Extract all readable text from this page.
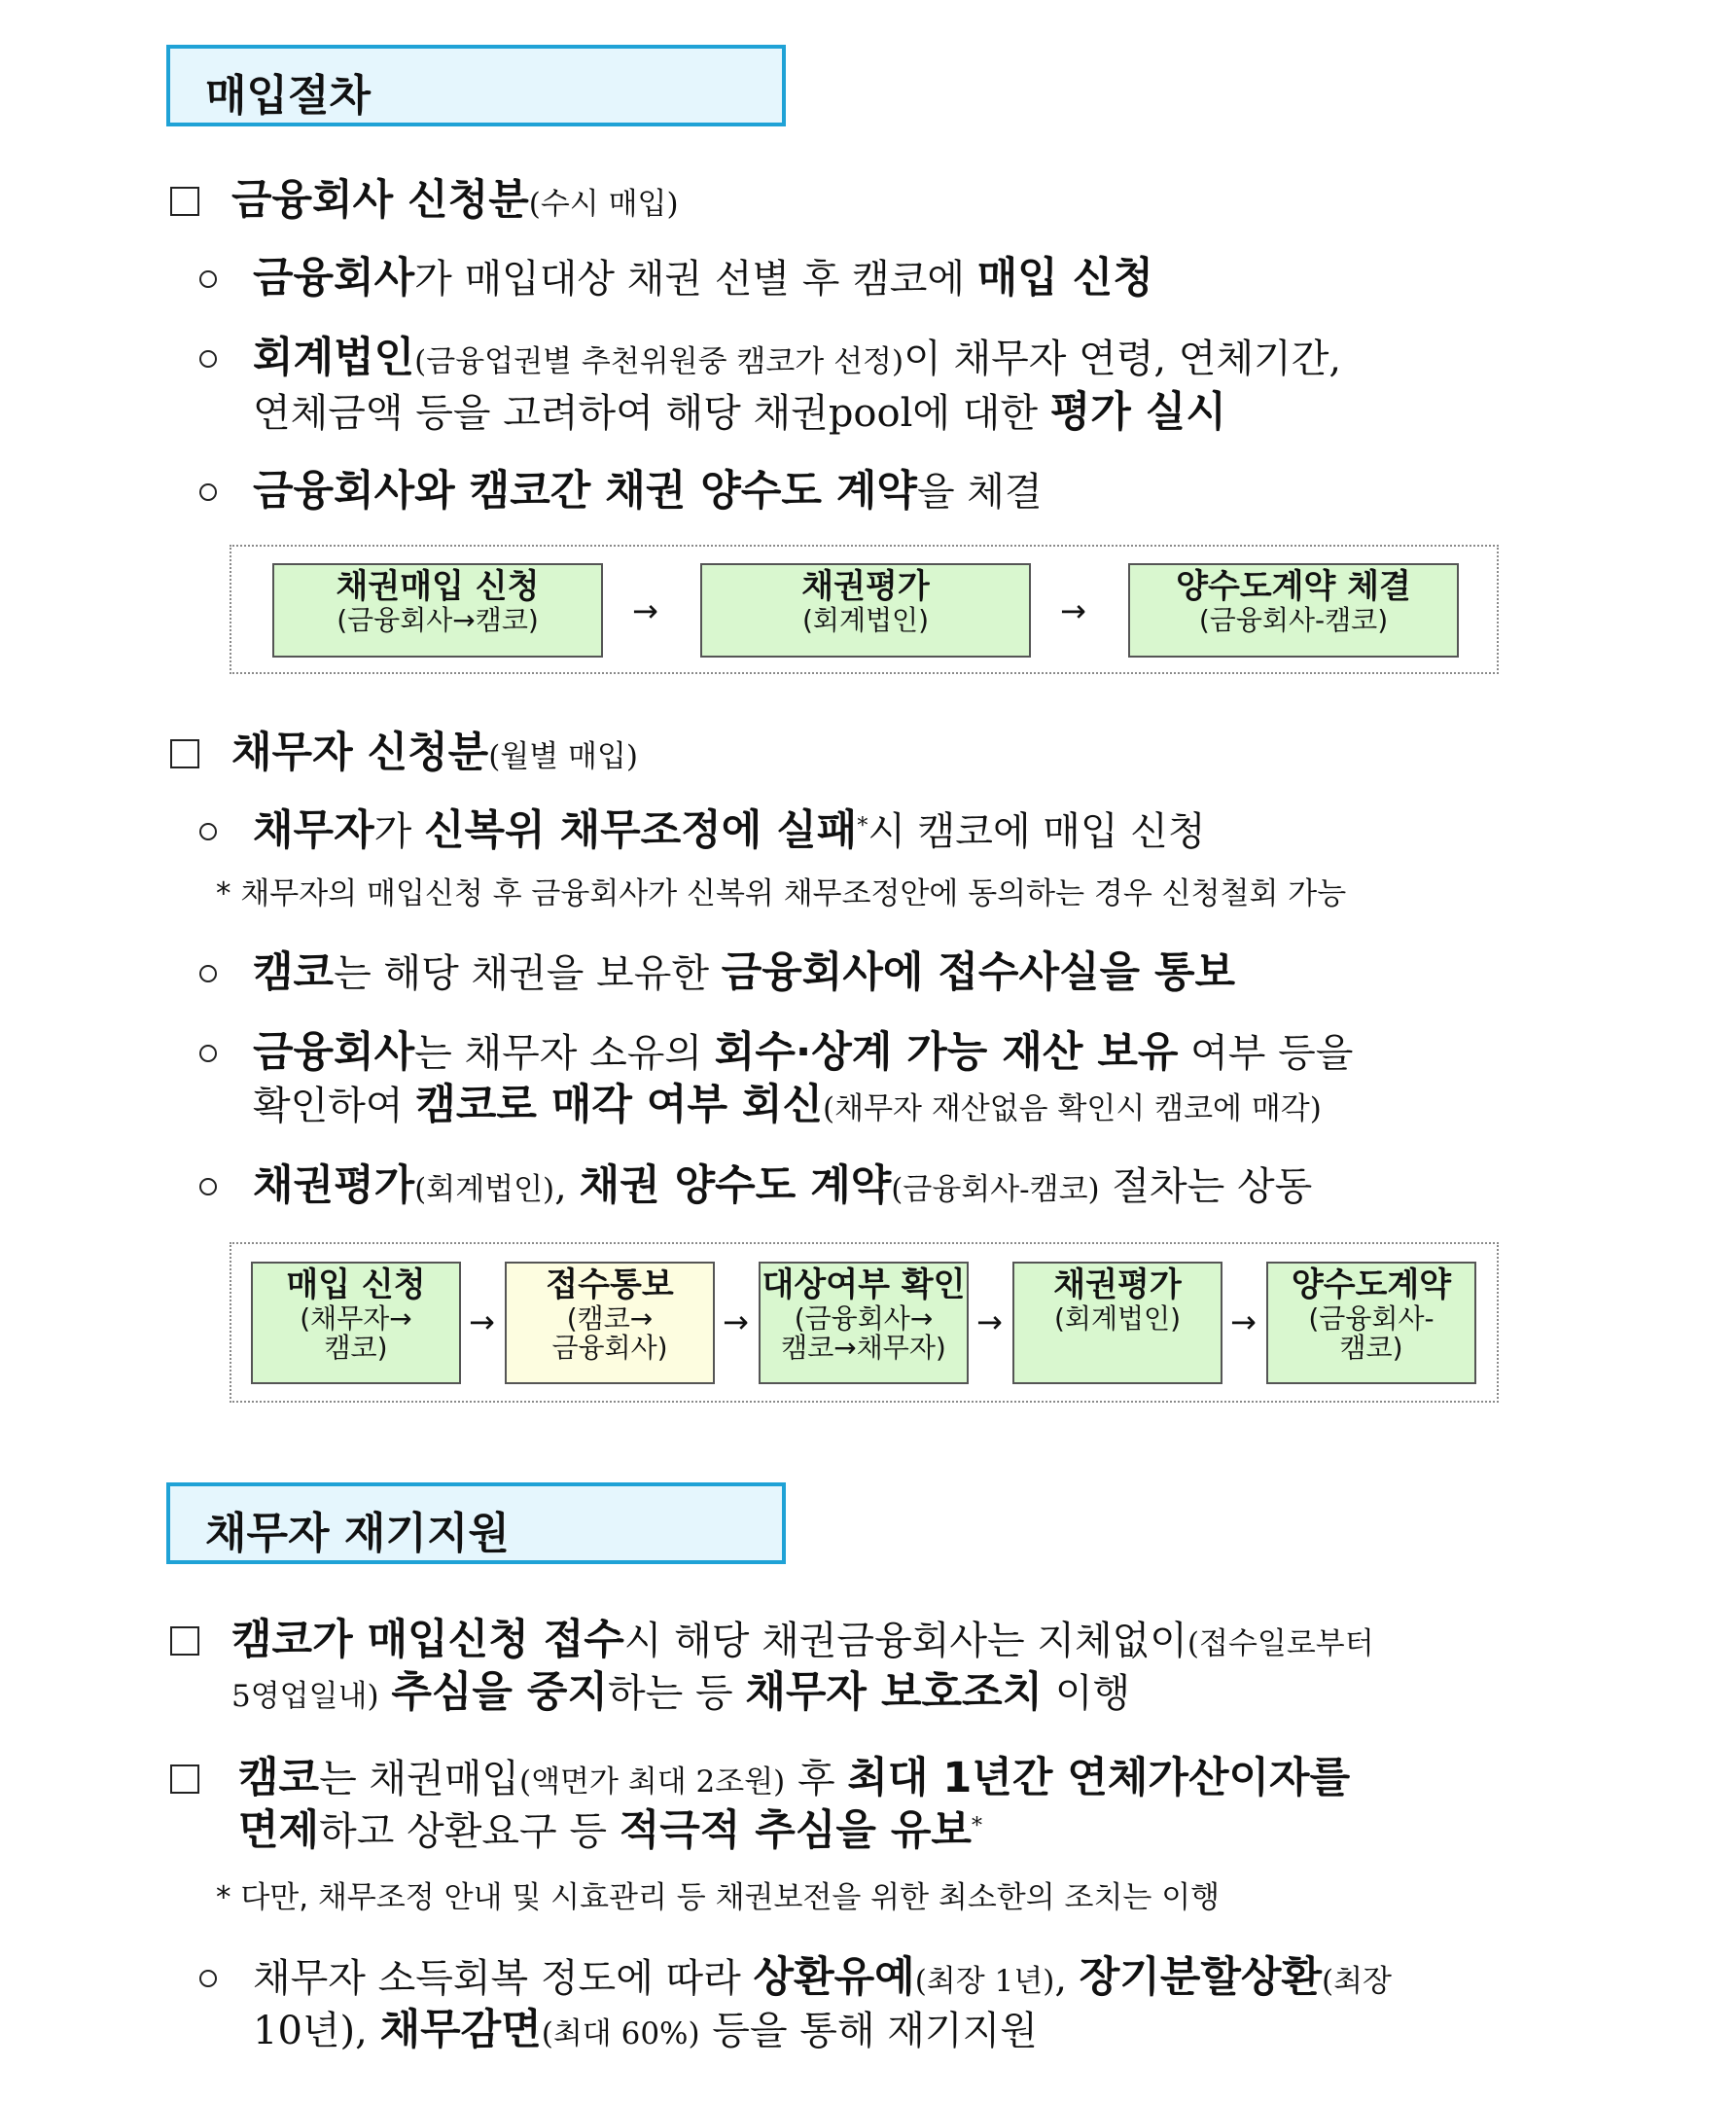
매입절차
금융회사 신청분(수시 매입)
금융회사가 매입대상 채권 선별 후 캠코에 매입 신청
회계법인(금융업권별 추천위원중 캠코가 선정)이 채무자 연령, 연체기간,
연체금액 등을 고려하여 해당 채권pool에 대한 평가 실시
금융회사와 캠코간 채권 양수도 계약을 체결
채권매입 신청
(금융회사→캠코)	→
채권평가
(회계법인)	→
양수도계약 체결
(금융회사-캠코)
채무자 신청분(월별 매입)
채무자가 신복위 채무조정에 실패*시 캠코에 매입 신청
* 채무자의 매입신청 후 금융회사가 신복위 채무조정안에 동의하는 경우 신청철회 가능
캠코는 해당 채권을 보유한 금융회사에 접수사실을 통보
금융회사는 채무자 소유의 회수·상계 가능 재산 보유 여부 등을
확인하여 캠코로 매각 여부 회신(채무자 재산없음 확인시 캠코에 매각)
채권평가(회계법인), 채권 양수도 계약(금융회사-캠코) 절차는 상동
매입 신청
(채무자→
캠코)
→
접수통보
(캠코→
금융회사)
→
대상여부 확인
(금융회사→
캠코→채무자)
→
채권평가
(회계법인)	→
양수도계약
(금융회사-
캠코)
채무자 재기지원
캠코가 매입신청 접수시 해당 채권금융회사는 지체없이(접수일로부터
5영업일내) 추심을 중지하는 등 채무자 보호조치 이행
캠코는 채권매입(액면가 최대 2조원) 후 최대 1년간 연체가산이자를
면제하고 상환요구 등 적극적 추심을 유보*
* 다만, 채무조정 안내 및 시효관리 등 채권보전을 위한 최소한의 조치는 이행
채무자 소득회복 정도에 따라 상환유예(최장 1년), 장기분할상환(최장
10년), 채무감면(최대 60%) 등을 통해 재기지원
